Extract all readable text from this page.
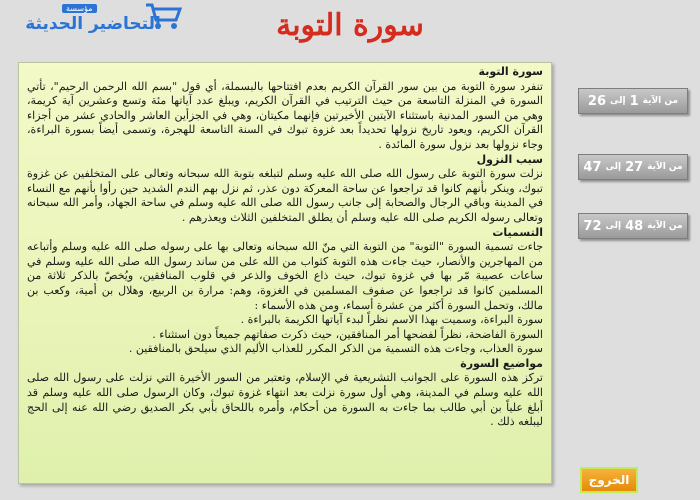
مؤسسة
التحاضير الحديثة	سورة التوبة
سورة التوبة

تنفرد سورة التوبة من بين سور القرآن الكريم بعدم افتتاحها بالبسملة، أي قول "بسم الله الرحمن الرحيم"، تأتي السورة في المنزلة التاسعة من حيث الترتيب في القرآن الكريم، ويبلغ عدد آياتها مئة وتسع وعشرين آية كريمة، وهي من السور المدنية باستثناء الآيتين الأخيرتين فإنهما مكيتان، وهي في الجزأين العاشر والحادي عشر من أجزاء القرآن الكريم، ويعود تاريخ نزولها تحديداً بعد غزوة تبوك في السنة التاسعة للهجرة، وتسمى أيضاً بسورة البراءة، وجاء نزولها بعد نزول سورة المائدة .

سبب النزول

نزلت سورة التوبة على رسول الله صلى الله عليه وسلم لتبلغه بتوبة الله سبحانه وتعالى على المتخلفين عن غزوة تبوك، وينكر بأنهم كانوا قد تراجعوا عن ساحة المعركة دون عذر، ثم نزل بهم الندم الشديد حين رأوا بأنهم مع النساء في المدينة وباقي الرجال والصحابة إلى جانب رسول الله صلى الله عليه وسلم في ساحة الجهاد، وأمر الله سبحانه وتعالى رسوله الكريم صلى الله عليه وسلم أن يطلق المتخلفين الثلاث ويعذرهم .

التسميات

جاءت تسمية السورة "التوبة" من التوبة التي منّ الله سبحانه وتعالى بها على رسوله صلى الله عليه وسلم وأتباعه من المهاجرين والأنصار، حيث جاءت هذه التوبة كثواب من الله على من ساند رسول الله صلى الله عليه وسلم في ساعات عصيبة مّر بها في غزوة تبوك، حيث ذاع الخوف والذعر في قلوب المنافقين، ويُخصّ بالذكر ثلاثة من المسلمين كانوا قد تراجعوا عن صفوف المسلمين في الغزوة، وهم: مرارة بن الربيع، وهلال بن أمية، وكعب بن مالك، وتحمل السورة أكثر من عشرة أسماء، ومن هذه الأسماء :

سورة البراءة، وسميت بهذا الاسم نظراً لبدء آياتها الكريمة بالبراءة .

السورة الفاضحة، نظراً لفضحها أمر المنافقين، حيث ذكرت صفاتهم جميعاً دون استثناء .

سورة العذاب، وجاءت هذه التسمية من الذكر المكرر للعذاب الأليم الذي سيلحق بالمنافقين .

مواضيع السورة

تركز هذه السورة على الجوانب التشريعية في الإسلام، وتعتبر من السور الأخيرة التي نزلت على رسول الله صلى الله عليه وسلم في المدينة، وهي أول سورة نزلت بعد انتهاء غزوة تبوك، وكان الرسول صلى الله عليه وسلم قد أبلغ علياً بن أبي طالب بما جاءت به السورة من أحكام، وأمره باللحاق بأبي بكر الصديق رضي الله عنه إلى الحج ليبلغه ذلك .

من الآية
1
إلى
26
من الآية
27
إلى
47
من الآية
48
إلى
72
الخروج
